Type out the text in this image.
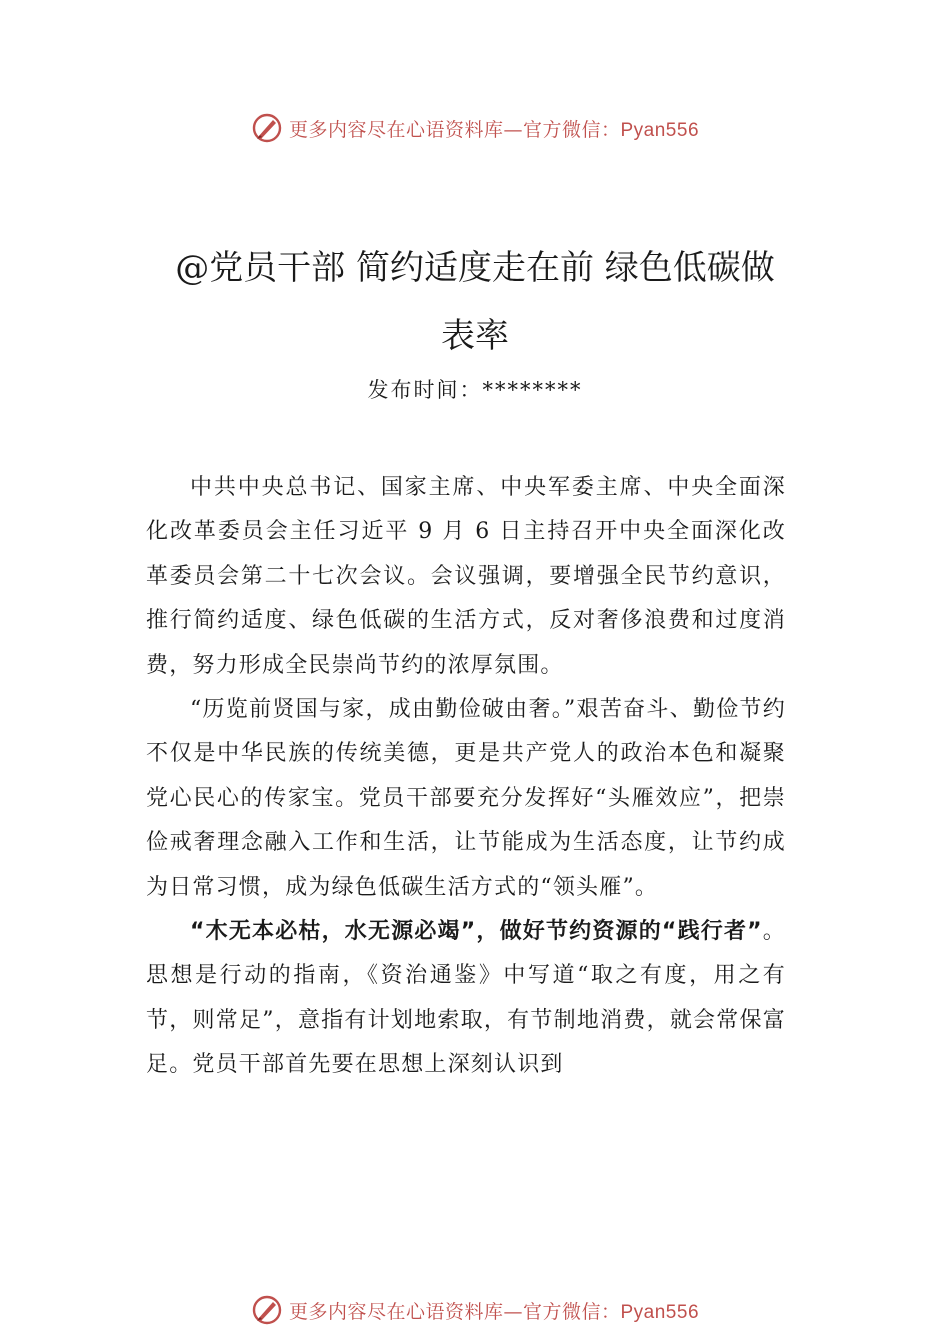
更多内容尽在心语资料库—官方微信：Pyan556
@党员干部 简约适度走在前 绿色低碳做
表率
发布时间：********

中共中央总书记、国家主席、中央军委主席、中央全面深化改革委员会主任习近平 9 月 6 日主持召开中央全面深化改革委员会第二十七次会议。会议强调，要增强全民节约意识，推行简约适度、绿色低碳的生活方式，反对奢侈浪费和过度消费，努力形成全民崇尚节约的浓厚氛围。

“历览前贤国与家，成由勤俭破由奢。”艰苦奋斗、勤俭节约不仅是中华民族的传统美德，更是共产党人的政治本色和凝聚党心民心的传家宝。党员干部要充分发挥好“头雁效应”，把崇俭戒奢理念融入工作和生活，让节能成为生活态度，让节约成为日常习惯，成为绿色低碳生活方式的“领头雁”。

“木无本必枯，水无源必竭”，做好节约资源的“践行者”。思想是行动的指南，《资治通鉴》中写道“取之有度，用之有节，则常足”，意指有计划地索取，有节制地消费，就会常保富足。党员干部首先要在思想上深刻认识到

更多内容尽在心语资料库—官方微信：Pyan556
